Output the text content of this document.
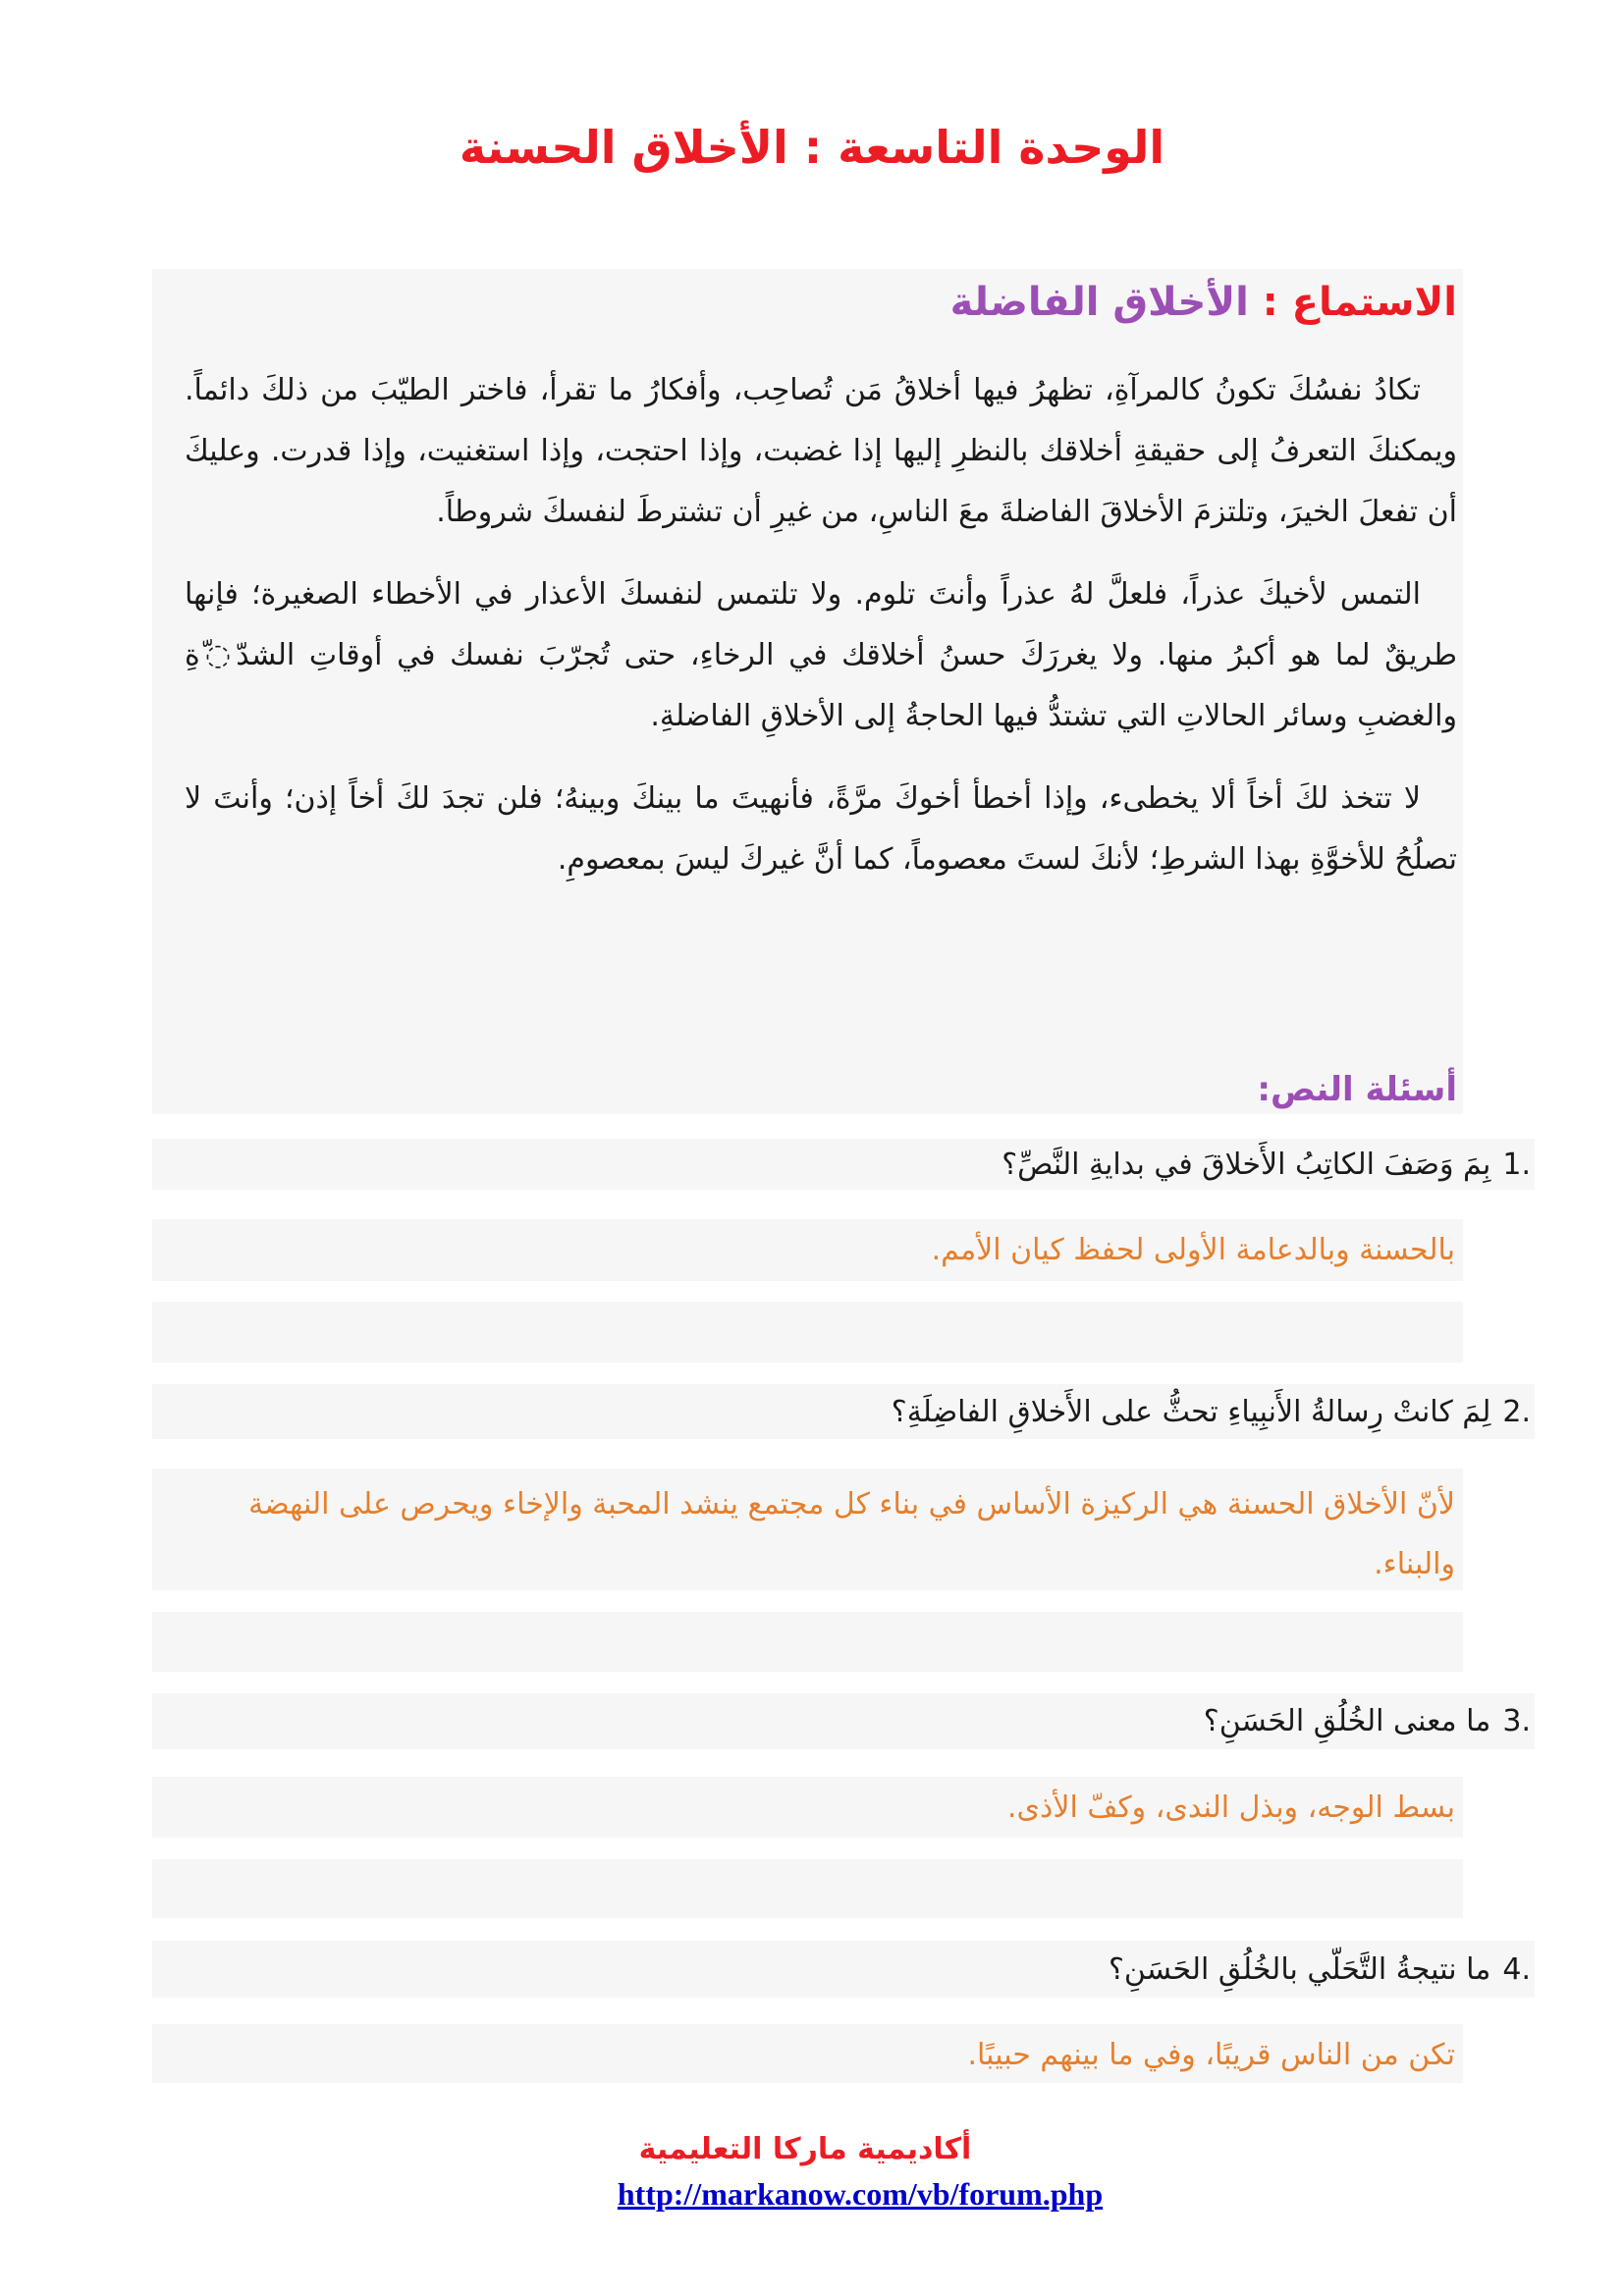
الوحدة التاسعة : الأخلاق الحسنة
الاستماع : الأخلاق الفاضلة

تكادُ نفسُكَ تكونُ كالمرآةِ، تظهرُ فيها أخلاقُ مَن تُصاحِب، وأفكارُ ما تقرأ، فاختر الطيّبَ من ذلكَ دائماً. ويمكنكَ التعرفُ إلى حقيقةِ أخلاقك بالنظرِ إليها إذا غضبت، وإذا احتجت، وإذا استغنيت، وإذا قدرت. وعليكَ أن تفعلَ الخيرَ، وتلتزمَ الأخلاقَ الفاضلةَ معَ الناسِ، من غيرِ أن تشترطَ لنفسكَ شروطاً.

التمس لأخيكَ عذراً، فلعلَّ لهُ عذراً وأنتَ تلوم. ولا تلتمس لنفسكَ الأعذار في الأخطاء الصغيرة؛ فإنها طريقٌ لما هو أكبرُ منها. ولا يغررَكَ حسنُ أخلاقك في الرخاءِ، حتى تُجرّبَ نفسك في أوقاتِ الشدّ◌ّةِ والغضبِ وسائر الحالاتِ التي تشتدُّ فيها الحاجةُ إلى الأخلاقِ الفاضلةِ.

لا تتخذ لكَ أخاً ألا يخطىء، وإذا أخطأ أخوكَ مرَّةً، فأنهيتَ ما بينكَ وبينهُ؛ فلن تجدَ لكَ أخاً إذن؛ وأنتَ لا تصلُحُ للأخوَّةِ بهذا الشرطِ؛ لأنكَ لستَ معصوماً، كما أنَّ غيركَ ليسَ بمعصومِ.

أسئلة النص:
1.
بِمَ وَصَفَ الكاتِبُ الأَخلاقَ في بدايةِ النَّصِّ؟
بالحسنة وبالدعامة الأولى لحفظ كيان الأمم.
2.
لِمَ كانتْ رِسالةُ الأَنبِياءِ تحثُّ على الأَخلاقِ الفاضِلَةِ؟
لأنّ الأخلاق الحسنة هي الركيزة الأساس في بناء كل مجتمع ينشد المحبة والإخاء ويحرص على النهضة والبناء.
3.
ما معنى الخُلُقِ الحَسَنِ؟
بسط الوجه، وبذل الندى، وكفّ الأذى.
4.
ما نتيجةُ التَّحَلّي بالخُلُقِ الحَسَنِ؟
تكن من الناس قريبًا، وفي ما بينهم حبيبًا.
أكاديمية ماركا التعليمية
http://markanow.com/vb/forum.php
